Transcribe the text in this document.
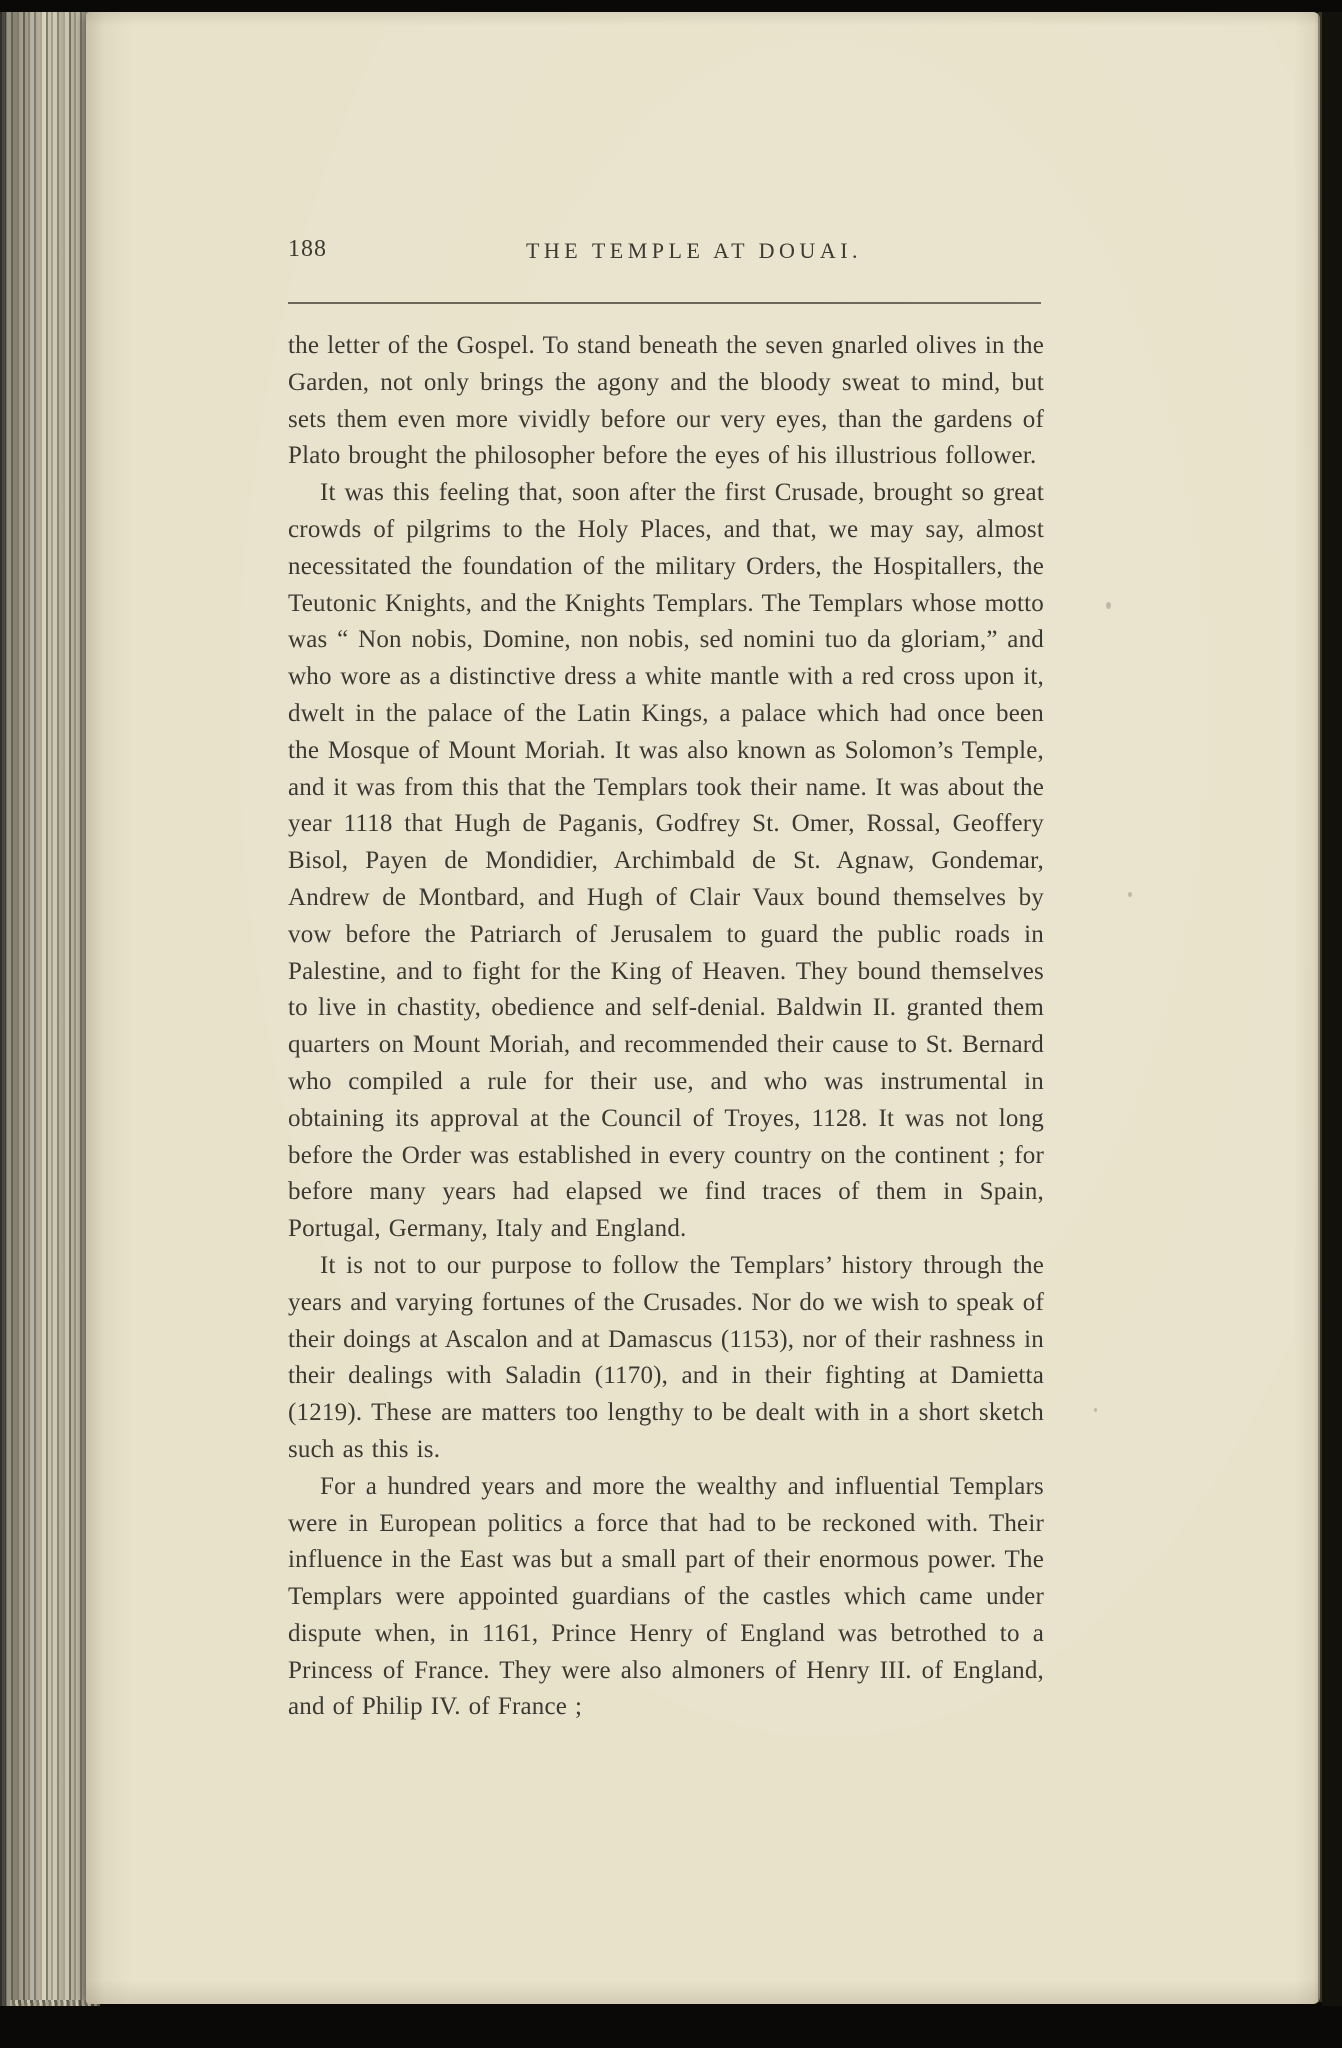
188	THE TEMPLE AT DOUAI.

the letter of the Gospel. To stand beneath the seven gnarled olives in the Garden, not only brings the agony and the bloody sweat to mind, but sets them even more vividly before our very eyes, than the gardens of Plato brought the philosopher before the eyes of his illustrious follower.

It was this feeling that, soon after the first Crusade, brought so great crowds of pilgrims to the Holy Places, and that, we may say, almost necessitated the foundation of the military Orders, the Hospitallers, the Teutonic Knights, and the Knights Templars. The Templars whose motto was “ Non nobis, Domine, non nobis, sed nomini tuo da gloriam,” and who wore as a distinctive dress a white mantle with a red cross upon it, dwelt in the palace of the Latin Kings, a palace which had once been the Mosque of Mount Moriah. It was also known as Solomon’s Temple, and it was from this that the Templars took their name. It was about the year 1118 that Hugh de Paganis, Godfrey St. Omer, Rossal, Geoffery Bisol, Payen de Mondidier, Archimbald de St. Agnaw, Gondemar, Andrew de Montbard, and Hugh of Clair Vaux bound themselves by vow before the Patriarch of Jerusalem to guard the public roads in Palestine, and to fight for the King of Heaven. They bound themselves to live in chastity, obedience and self-denial. Baldwin II. granted them quarters on Mount Moriah, and recommended their cause to St. Bernard who compiled a rule for their use, and who was instrumental in obtaining its approval at the Council of Troyes, 1128. It was not long before the Order was established in every country on the continent ; for before many years had elapsed we find traces of them in Spain, Portugal, Germany, Italy and England.

It is not to our purpose to follow the Templars’ history through the years and varying fortunes of the Crusades. Nor do we wish to speak of their doings at Ascalon and at Damascus (1153), nor of their rashness in their dealings with Saladin (1170), and in their fighting at Damietta (1219). These are matters too lengthy to be dealt with in a short sketch such as this is.

For a hundred years and more the wealthy and influential Templars were in European politics a force that had to be reckoned with. Their influence in the East was but a small part of their enormous power. The Templars were appointed guardians of the castles which came under dispute when, in 1161, Prince Henry of England was betrothed to a Princess of France. They were also almoners of Henry III. of England, and of Philip IV. of France ;
